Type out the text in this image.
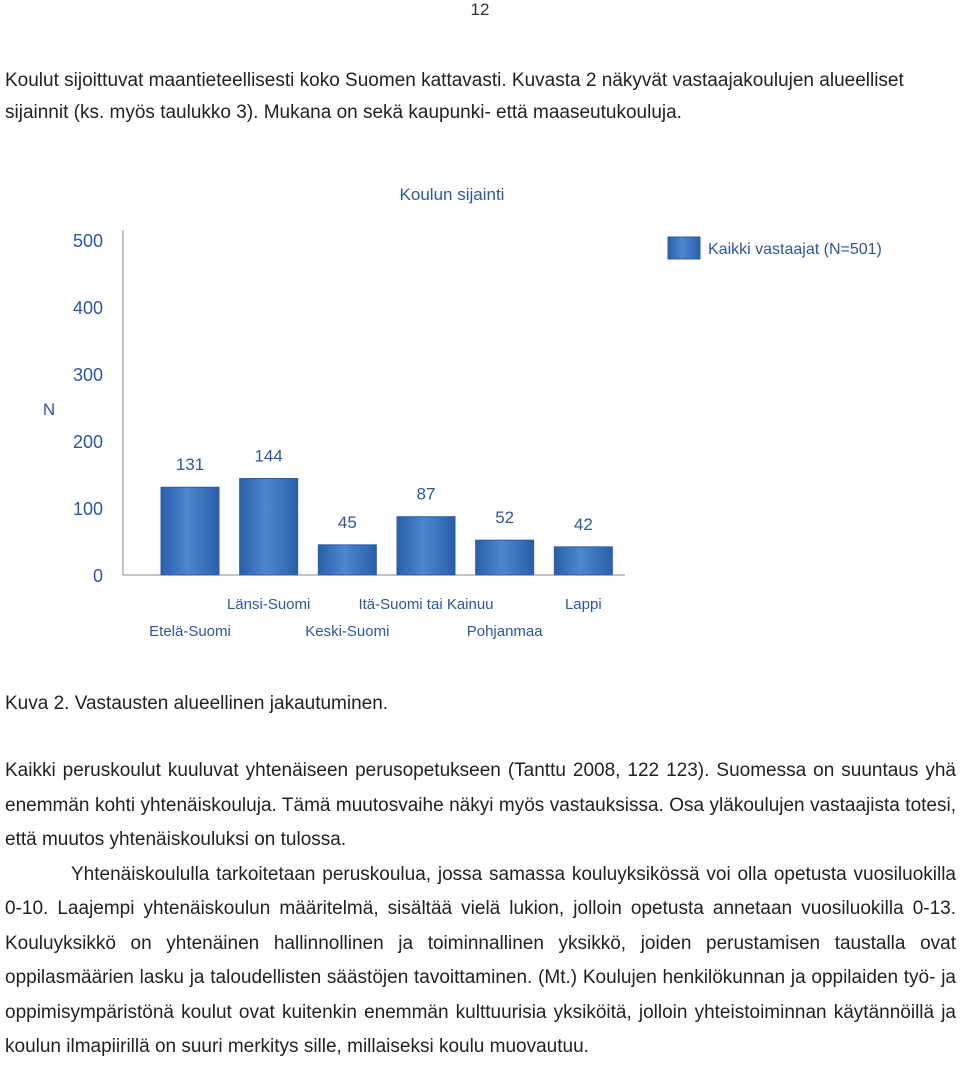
12

Koulut sijoittuvat maantieteellisesti koko Suomen kattavasti. Kuvasta 2 näkyvät vastaajakoulujen alueelliset sijainnit (ks. myös taulukko 3). Mukana on sekä kaupunki- että maaseutukouluja.

Koulun sijainti
N
0
100
200
300
400
500
131	144
45
87
52	42
Etelä-Suomi
Länsi-Suomi
Keski-Suomi
Itä-Suomi tai Kainuu
Pohjanmaa
Lappi
Kaikki vastaajat (N=501)

Kuva 2. Vastausten alueellinen jakautuminen.

Kaikki peruskoulut kuuluvat yhtenäiseen perusopetukseen (Tanttu 2008, 122 123). Suomessa on suuntaus yhä enemmän kohti yhtenäiskouluja. Tämä muutosvaihe näkyi myös vastauksissa. Osa yläkoulujen vastaajista totesi, että muutos yhtenäiskouluksi on tulossa.
Yhtenäiskoululla tarkoitetaan peruskoulua, jossa samassa kouluyksikössä voi olla opetusta vuosiluokilla 0-10. Laajempi yhtenäiskoulun määritelmä, sisältää vielä lukion, jolloin opetusta annetaan vuosiluokilla 0-13. Kouluyksikkö on yhtenäinen hallinnollinen ja toiminnallinen yksikkö, joiden perustamisen taustalla ovat oppilasmäärien lasku ja taloudellisten säästöjen tavoittaminen. (Mt.) Koulujen henkilökunnan ja oppilaiden työ- ja oppimisympäristönä koulut ovat kuitenkin enemmän kulttuurisia yksiköitä, jolloin yhteistoiminnan käytännöillä ja koulun ilmapiirillä on suuri merkitys sille, millaiseksi koulu muovautuu.
